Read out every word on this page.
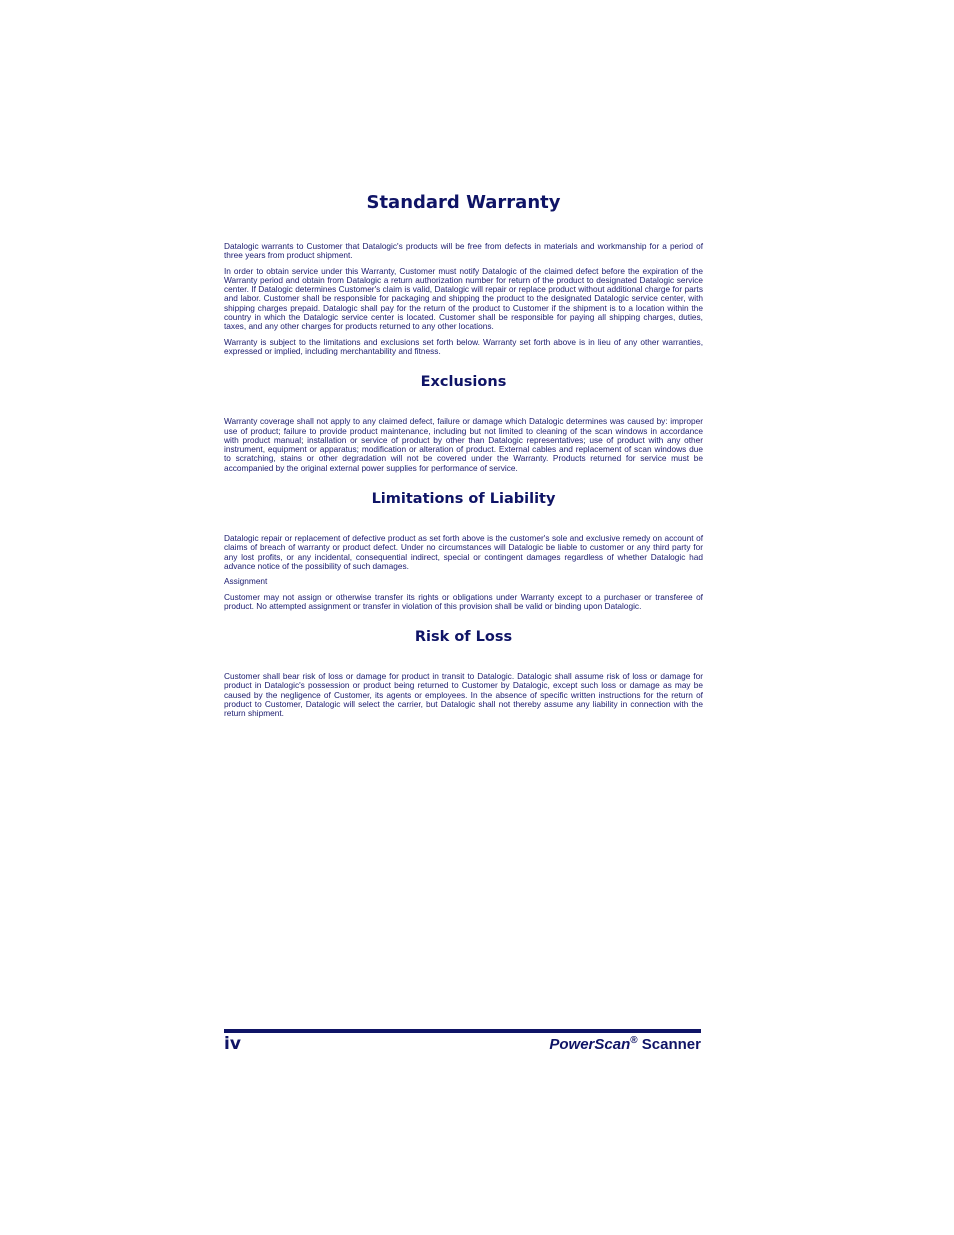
Standard Warranty

Datalogic warrants to Customer that Datalogic's products will be free from defects in materials and workmanship for a period of three years from product shipment.

In order to obtain service under this Warranty, Customer must notify Datalogic of the claimed defect before the expiration of the Warranty period and obtain from Datalogic a return authorization number for return of the product to designated Datalogic service center. If Datalogic determines Customer's claim is valid, Datalogic will repair or replace product without additional charge for parts and labor. Customer shall be responsible for packaging and shipping the product to the designated Datalogic service center, with shipping charges prepaid. Datalogic shall pay for the return of the product to Customer if the shipment is to a location within the country in which the Datalogic service center is located. Customer shall be responsible for paying all shipping charges, duties, taxes, and any other charges for products returned to any other locations.

Warranty is subject to the limitations and exclusions set forth below. Warranty set forth above is in lieu of any other warranties, expressed or implied, including merchantability and fitness.

Exclusions

Warranty coverage shall not apply to any claimed defect, failure or damage which Datalogic determines was caused by: improper use of product; failure to provide product maintenance, including but not limited to cleaning of the scan windows in accordance with product manual; installation or service of product by other than Datalogic representatives; use of product with any other instrument, equipment or apparatus; modification or alteration of product. External cables and replacement of scan windows due to scratching, stains or other degradation will not be covered under the Warranty. Products returned for service must be accompanied by the original external power supplies for performance of service.

Limitations of Liability

Datalogic repair or replacement of defective product as set forth above is the customer's sole and exclusive remedy on account of claims of breach of warranty or product defect. Under no circumstances will Datalogic be liable to customer or any third party for any lost profits, or any incidental, consequential indirect, special or contingent damages regardless of whether Datalogic had advance notice of the possibility of such damages.

Assignment

Customer may not assign or otherwise transfer its rights or obligations under Warranty except to a purchaser or transferee of product. No attempted assignment or transfer in violation of this provision shall be valid or binding upon Datalogic.

Risk of Loss

Customer shall bear risk of loss or damage for product in transit to Datalogic. Datalogic shall assume risk of loss or damage for product in Datalogic's possession or product being returned to Customer by Datalogic, except such loss or damage as may be caused by the negligence of Customer, its agents or employees. In the absence of specific written instructions for the return of product to Customer, Datalogic will select the carrier, but Datalogic shall not thereby assume any liability in connection with the return shipment.

iv	PowerScan® Scanner
